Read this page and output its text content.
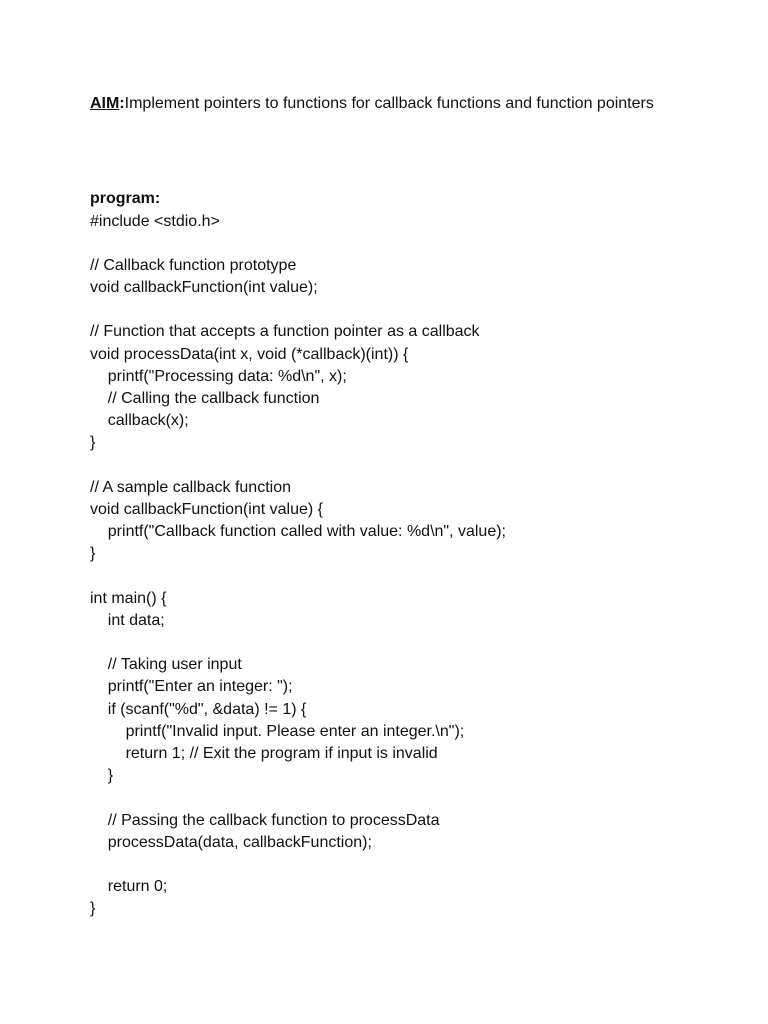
AIM:Implement pointers to functions for callback functions and function pointers
program:
#include <stdio.h>
// Callback function prototype
void callbackFunction(int value);
// Function that accepts a function pointer as a callback
void processData(int x, void (*callback)(int)) {
printf("Processing data: %d\n", x);
// Calling the callback function
callback(x);
}
// A sample callback function
void callbackFunction(int value) {
printf("Callback function called with value: %d\n", value);
}
int main() {
int data;
// Taking user input
printf("Enter an integer: ");
if (scanf("%d", &data) != 1) {
printf("Invalid input. Please enter an integer.\n");
return 1; // Exit the program if input is invalid
}
// Passing the callback function to processData
processData(data, callbackFunction);
return 0;
}
